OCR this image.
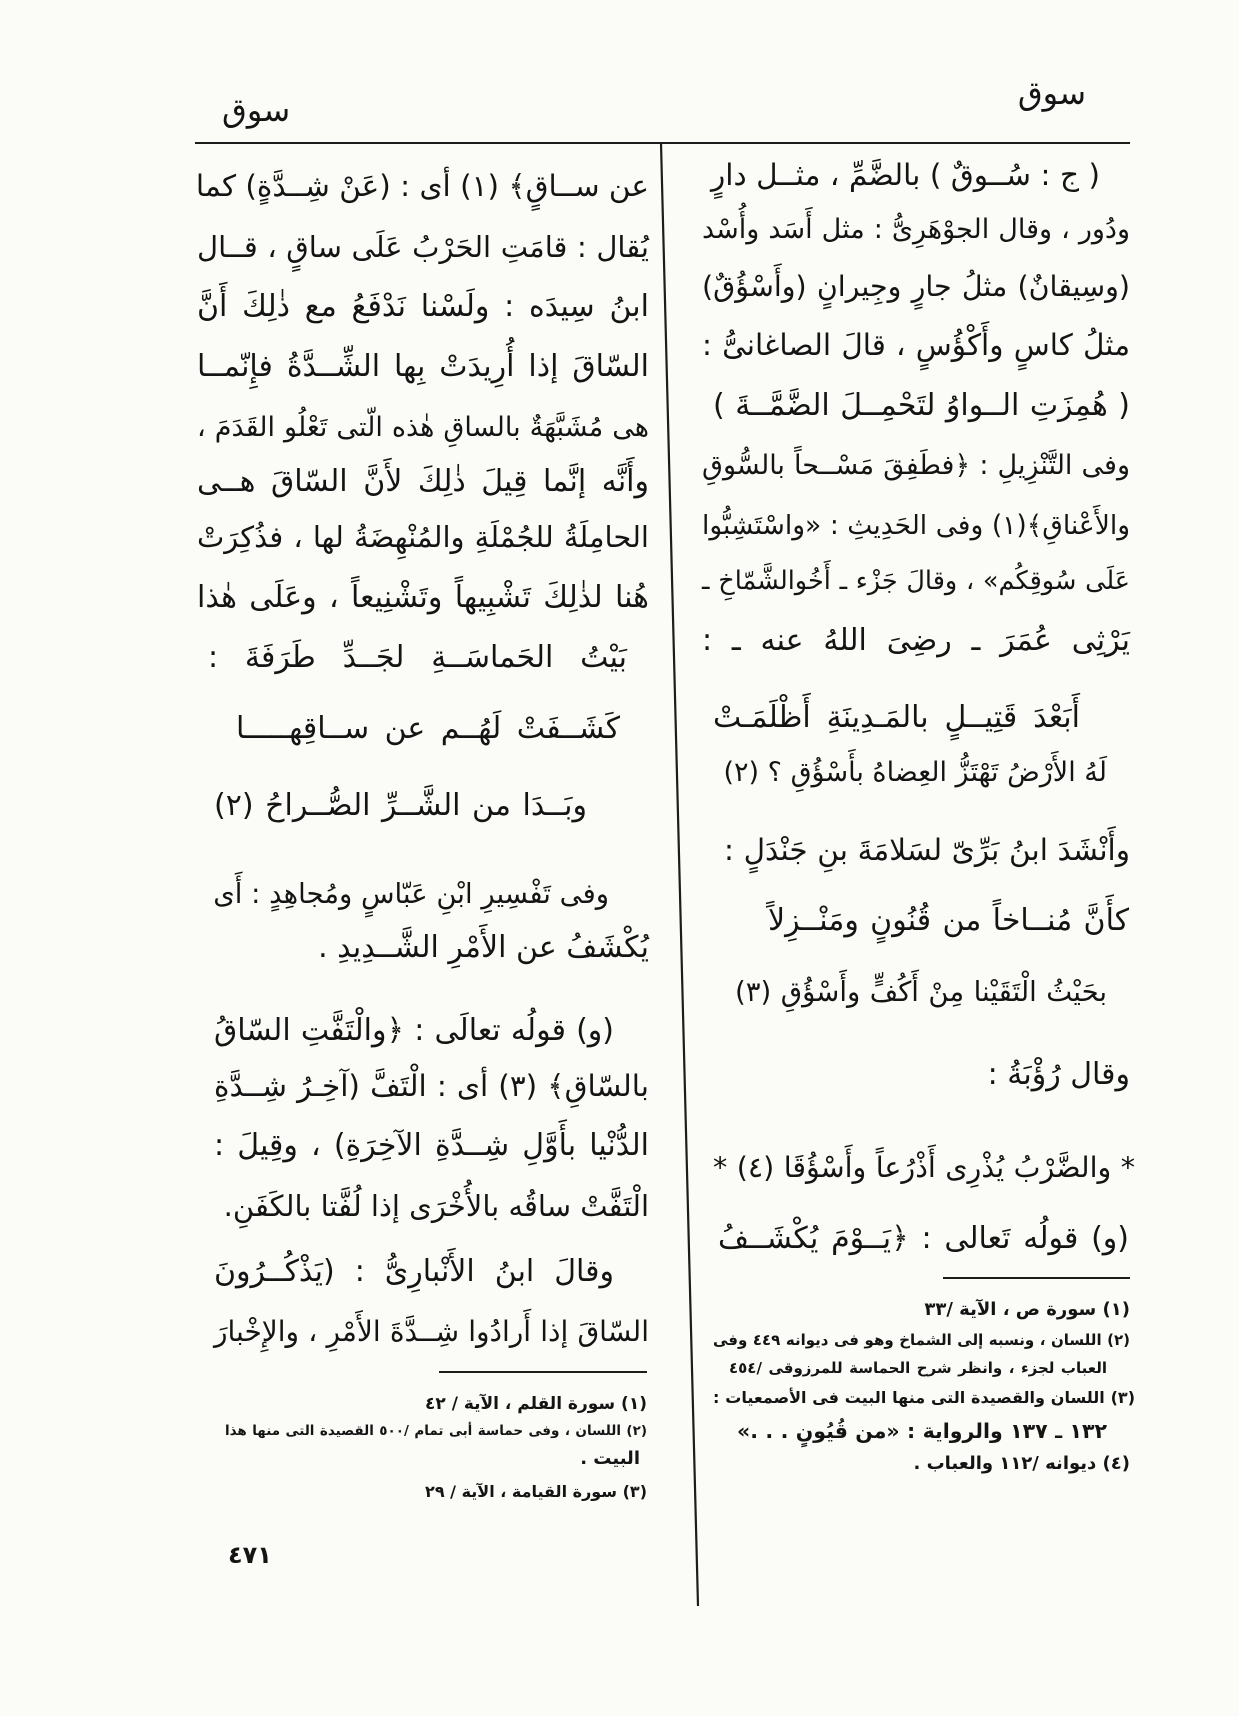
سوق
سوق
( ج : سُــوقٌ ) بالضَّمِّ ، مثــل دارٍ
ودُور ، وقال الجوْهَرِىُّ : مثل أَسَد وأُسْد
(وسِيقانٌ) مثلُ جارٍ وجِيرانٍ (وأَسْؤُقٌ)
مثلُ كاسٍ وأَكْؤُسٍ ، قالَ الصاغانىُّ :
( هُمِزَتِ الــواوُ لتَحْمِــلَ الضَّمَّــةَ )
وفى التَّنْزِيلِ : ﴿فطَفِقَ مَسْــحاً بالسُّوقِ
والأَعْناقِ﴾(١) وفى الحَدِيثِ : «واسْتَشِبُّوا
عَلَى سُوقِكُم» ، وقالَ جَزْء ـ أَخُوالشَّمّاخِ ـ
يَرْثِى عُمَرَ ـ رضِىَ اللهُ عنه ـ :
أَبَعْدَ قَتِيــلٍ بالمَـدِينَةِ أَظْلَمَـتْ
لَهُ الأَرْضُ تَهْتَزُّ العِضاهُ بأَسْؤُقِ ؟ (٢)
وأَنْشَدَ ابنُ بَرِّىّ لسَلامَةَ بنِ جَنْدَلٍ :
كأَنَّ مُنــاخاً من قُنُونٍ ومَنْــزِلاً
بحَيْثُ الْتَقَيْنا مِنْ أَكُفٍّ وأَسْؤُقِ (٣)
وقال رُؤْبَةُ :
* والضَّرْبُ يُذْرِى أَذْرُعاً وأَسْؤُقَا (٤) *
(و) قولُه تَعالى : ﴿يَــوْمَ يُكْشَــفُ
(١) سورة ص ، الآية /٣٣
(٢) اللسان ، ونسبه إلى الشماخ وهو فى ديوانه ٤٤٩ وفى
العباب لجزء ، وانظر شرح الحماسة للمرزوقى /٤٥٤
(٣) اللسان والقصيدة التى منها البيت فى الأصمعيات :
١٣٢ ـ ١٣٧ والرواية : «من قُيُونٍ . . .»
(٤) ديوانه /١١٢ والعباب .
عن ســاقٍ﴾ (١) أى : (عَنْ شِــدَّةٍ) كما
يُقال : قامَتِ الحَرْبُ عَلَى ساقٍ ، قــال
ابنُ سِيدَه : ولَسْنا نَدْفَعُ مع ذٰلِكَ أَنَّ
السّاقَ إذا أُرِيدَتْ بِها الشِّــدَّةُ فإِنّمــا
هى مُشَبَّهَةٌ بالساقِ هٰذه الّتى تَعْلُو القَدَمَ ،
وأَنَّه إنَّما قِيلَ ذٰلِكَ لأَنَّ السّاقَ هــى
الحامِلَةُ للجُمْلَةِ والمُنْهِضَةُ لها ، فذُكِرَتْ
هُنا لذٰلِكَ تَشْبِيهاً وتَشْنِيعاً ، وعَلَى هٰذا
بَيْتُ الحَماسَــةِ لجَــدِّ طَرَفَةَ :
كَشَــفَتْ لَهُــم عن ســاقِهـــــا
وبَــدَا من الشَّــرِّ الصُّــراحُ (٢)
وفى تَفْسِيرِ ابْنِ عَبّاسٍ ومُجاهِدٍ : أَى
يُكْشَفُ عن الأَمْرِ الشَّــدِيدِ .
(و) قولُه تعالَى : ﴿والْتَفَّتِ السّاقُ
بالسّاقِ﴾ (٣) أى : الْتَفَّ (آخِـرُ شِــدَّةِ
الدُّنْيا بأَوَّلِ شِــدَّةِ الآخِرَةِ) ، وقِيلَ :
الْتَفَّتْ ساقُه بالأُخْرَى إذا لُفَّتا بالكَفَنِ.
وقالَ ابنُ الأَنْبارِىُّ : (يَذْكُــرُونَ
السّاقَ إذا أَرادُوا شِــدَّةَ الأَمْرِ ، والإِخْبارَ
(١) سورة القلم ، الآية / ٤٢
(٢) اللسان ، وفى حماسة أبى تمام /٥٠٠ القصيدة التى منها هذا
البيت .
(٣) سورة القيامة ، الآية / ٢٩
٤٧١
